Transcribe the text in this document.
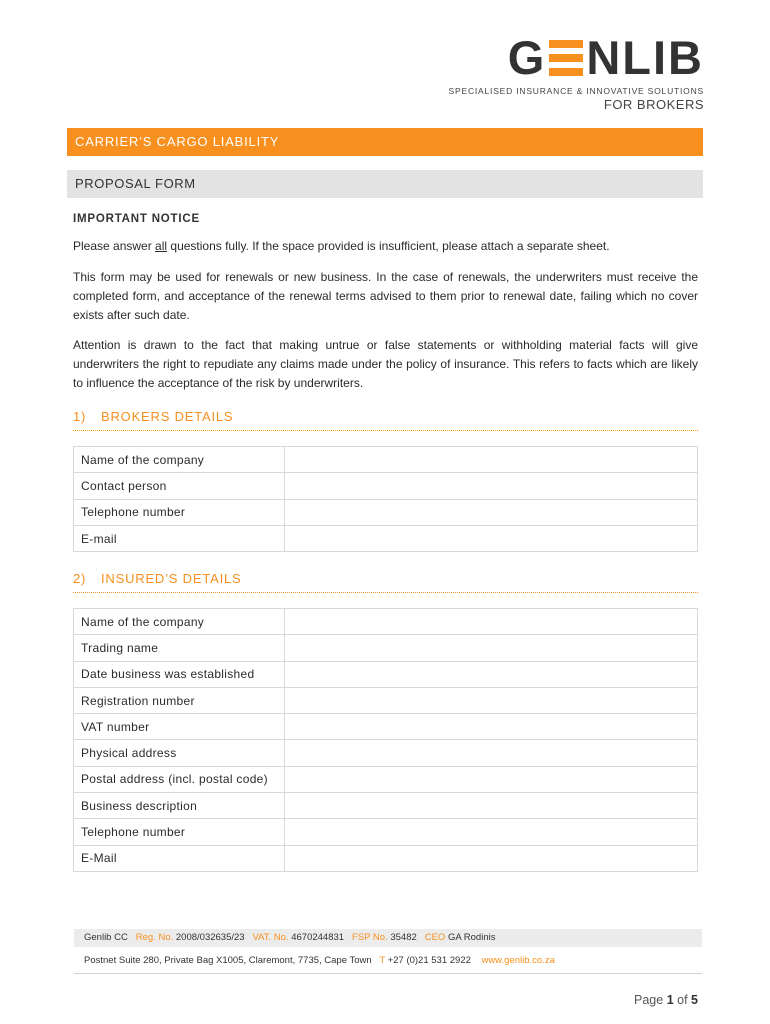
G NLIB
SPECIALISED INSURANCE & INNOVATIVE SOLUTIONS
FOR BROKERS
CARRIER’S CARGO LIABILITY
PROPOSAL FORM
IMPORTANT NOTICE
Please answer all questions fully. If the space provided is insufficient, please attach a separate sheet.
This form may be used for renewals or new business. In the case of renewals, the underwriters must receive the completed form, and acceptance of the renewal terms advised to them prior to renewal date, failing which no cover exists after such date.
Attention is drawn to the fact that making untrue or false statements or withholding material facts will give underwriters the right to repudiate any claims made under the policy of insurance. This refers to facts which are likely to influence the acceptance of the risk by underwriters.
1) BROKERS DETAILS
Name of the company	
Contact person	
Telephone number	
E-mail	
2) INSURED’S DETAILS
Name of the company	
Trading name	
Date business was established	
Registration number	
VAT number	
Physical address	
Postal address (incl. postal code)	
Business description	
Telephone number	
E-Mail	
Genlib CC Reg. No. 2008/032635/23 VAT. No. 4670244831 FSP No. 35482 CEO GA Rodinis
Postnet Suite 280, Private Bag X1005, Claremont, 7735, Cape Town T +27 (0)21 531 2922 www.genlib.co.za
Page 1 of 5
